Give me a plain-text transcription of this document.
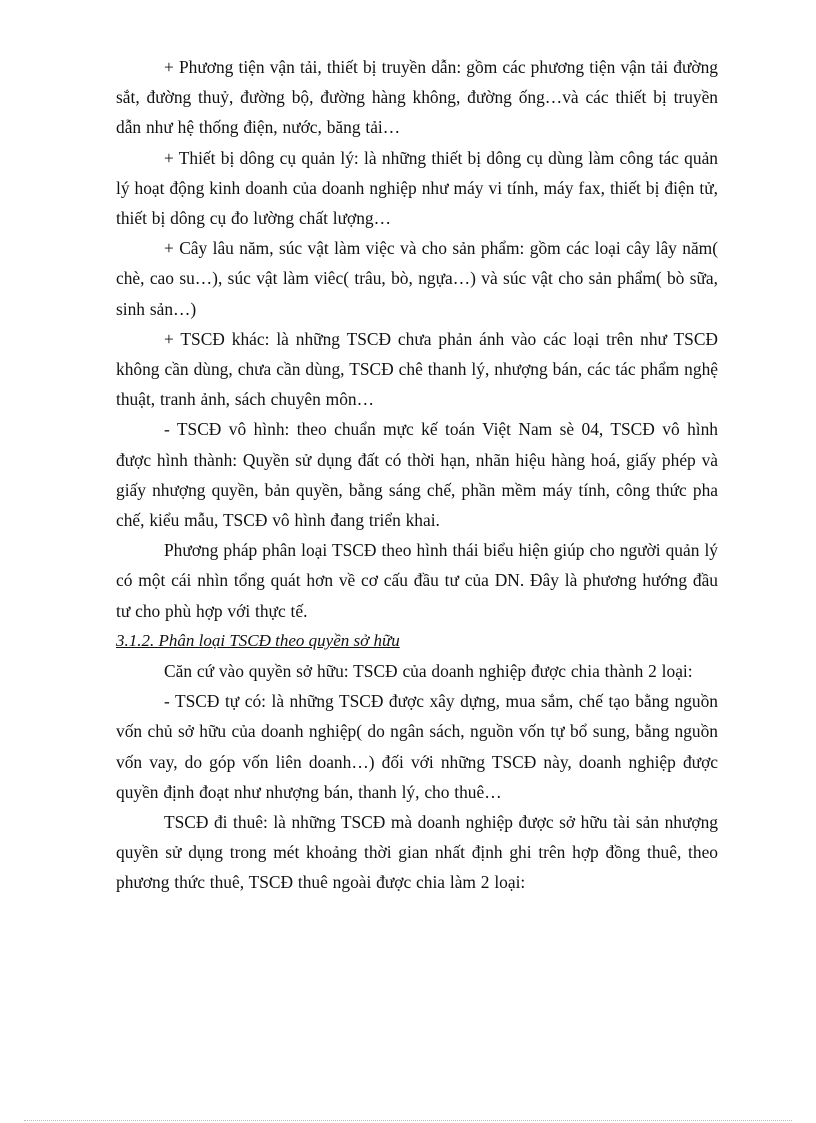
+ Phương tiện vận tải, thiết bị truyền dẫn: gồm các phương tiện vận tải đường sắt, đường thuỷ, đường bộ, đường hàng không, đường ống…và các thiết bị truyền dẫn như hệ thống điện, nước, băng tải…

+ Thiết bị dông cụ quản lý: là những thiết bị dông cụ dùng làm công tác quản lý hoạt động kinh doanh của doanh nghiệp như máy vi tính, máy fax, thiết bị điện tử, thiết bị dông cụ đo lường chất lượng…

+ Cây lâu năm, súc vật làm việc và cho sản phẩm: gồm các loại cây lây năm( chè, cao su…), súc vật làm viêc( trâu, bò, ngựa…) và súc vật cho sản phẩm( bò sữa, sinh sản…)

+ TSCĐ khác: là những TSCĐ chưa phản ánh vào các loại trên như TSCĐ không cần dùng, chưa cần dùng, TSCĐ chê thanh lý, nhượng bán, các tác phẩm nghệ thuật, tranh ảnh, sách chuyên môn…

- TSCĐ vô hình: theo chuẩn mực kế toán Việt Nam sè 04, TSCĐ vô hình được hình thành: Quyền sử dụng đất có thời hạn, nhãn hiệu hàng hoá, giấy phép và giấy nhượng quyền, bản quyền, bằng sáng chế, phần mềm máy tính, công thức pha chế, kiểu mẫu, TSCĐ vô hình đang triển khai.

Phương pháp phân loại TSCĐ theo hình thái biểu hiện giúp cho người quản lý có một cái nhìn tổng quát hơn về cơ cấu đầu tư của DN. Đây là phương hướng đầu tư cho phù hợp với thực tế.

3.1.2. Phân loại TSCĐ theo quyền sở hữu

Căn cứ vào quyền sở hữu: TSCĐ của doanh nghiệp được chia thành 2 loại:

- TSCĐ tự có: là những TSCĐ được xây dựng, mua sắm, chế tạo bằng nguồn vốn chủ sở hữu của doanh nghiệp( do ngân sách, nguồn vốn tự bổ sung, bằng nguồn vốn vay, do góp vốn liên doanh…) đối với những TSCĐ này, doanh nghiệp được quyền định đoạt như nhượng bán, thanh lý, cho thuê…

TSCĐ đi thuê: là những TSCĐ mà doanh nghiệp được sở hữu tài sản nhượng quyền sử dụng trong mét khoảng thời gian nhất định ghi trên hợp đồng thuê, theo phương thức thuê, TSCĐ thuê ngoài được chia làm 2 loại:
